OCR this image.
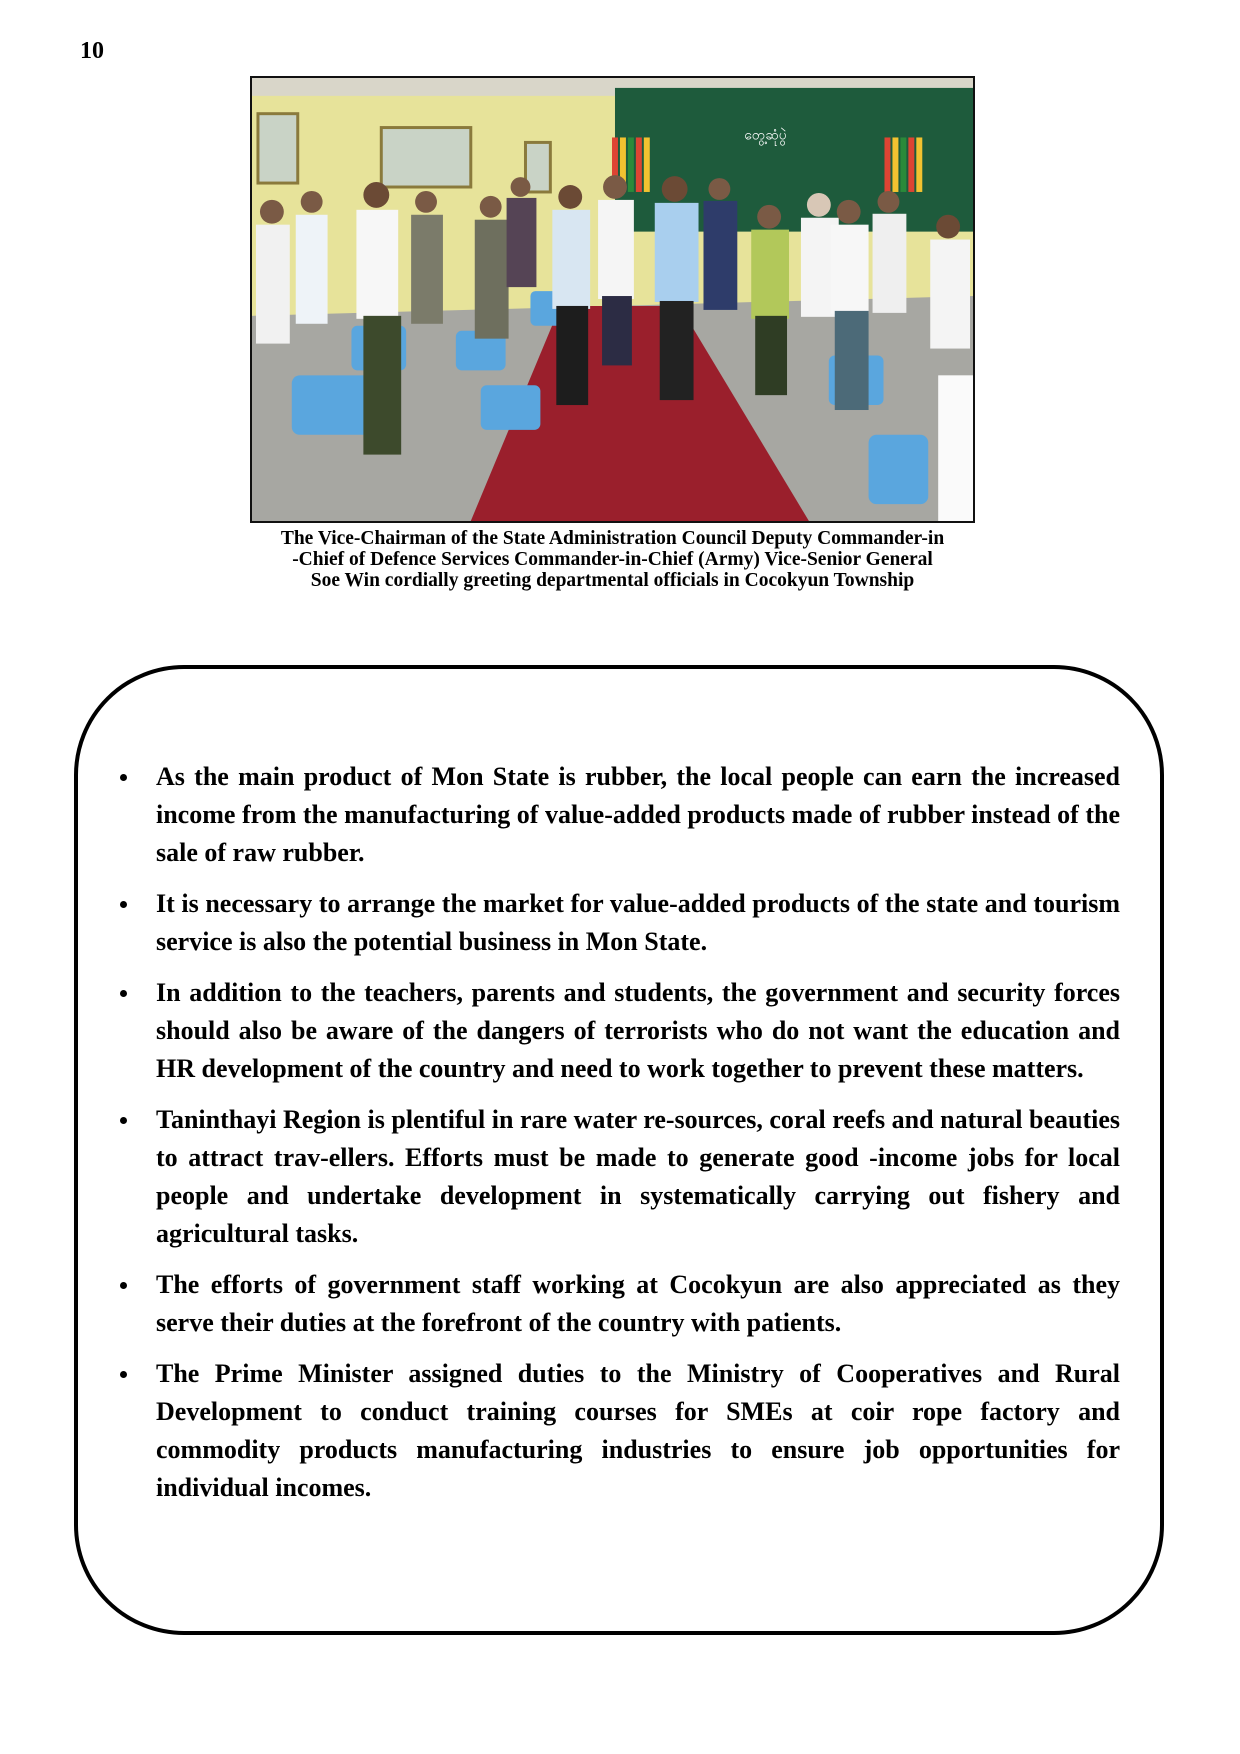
10
တွေ့ဆုံပွဲ
The Vice-Chairman of the State Administration Council Deputy Commander-in
-Chief of Defence Services Commander-in-Chief (Army) Vice-Senior General
Soe Win cordially greeting departmental officials in Cocokyun Township
As the main product of Mon State is rubber, the local people can earn the increased income from the manufacturing of value-added products made of rubber instead of the sale of raw rubber.
It is necessary to arrange the market for value-added products of the state and tourism service is also the potential business in Mon State.
In addition to the teachers, parents and students, the government and security forces should also be aware of the dangers of terrorists who do not want the education and HR development of the country and need to work together to prevent these matters.
Taninthayi Region is plentiful in rare water re-sources, coral reefs and natural beauties to attract trav-ellers. Efforts must be made to generate good -income jobs for local people and undertake development in systematically carrying out fishery and agricultural tasks.
The efforts of government staff working at Cocokyun are also appreciated as they serve their duties at the forefront of the country with patients.
The Prime Minister assigned duties to the Ministry of Cooperatives and Rural Development to conduct training courses for SMEs at coir rope factory and commodity products manufacturing industries to ensure job opportunities for individual incomes.
